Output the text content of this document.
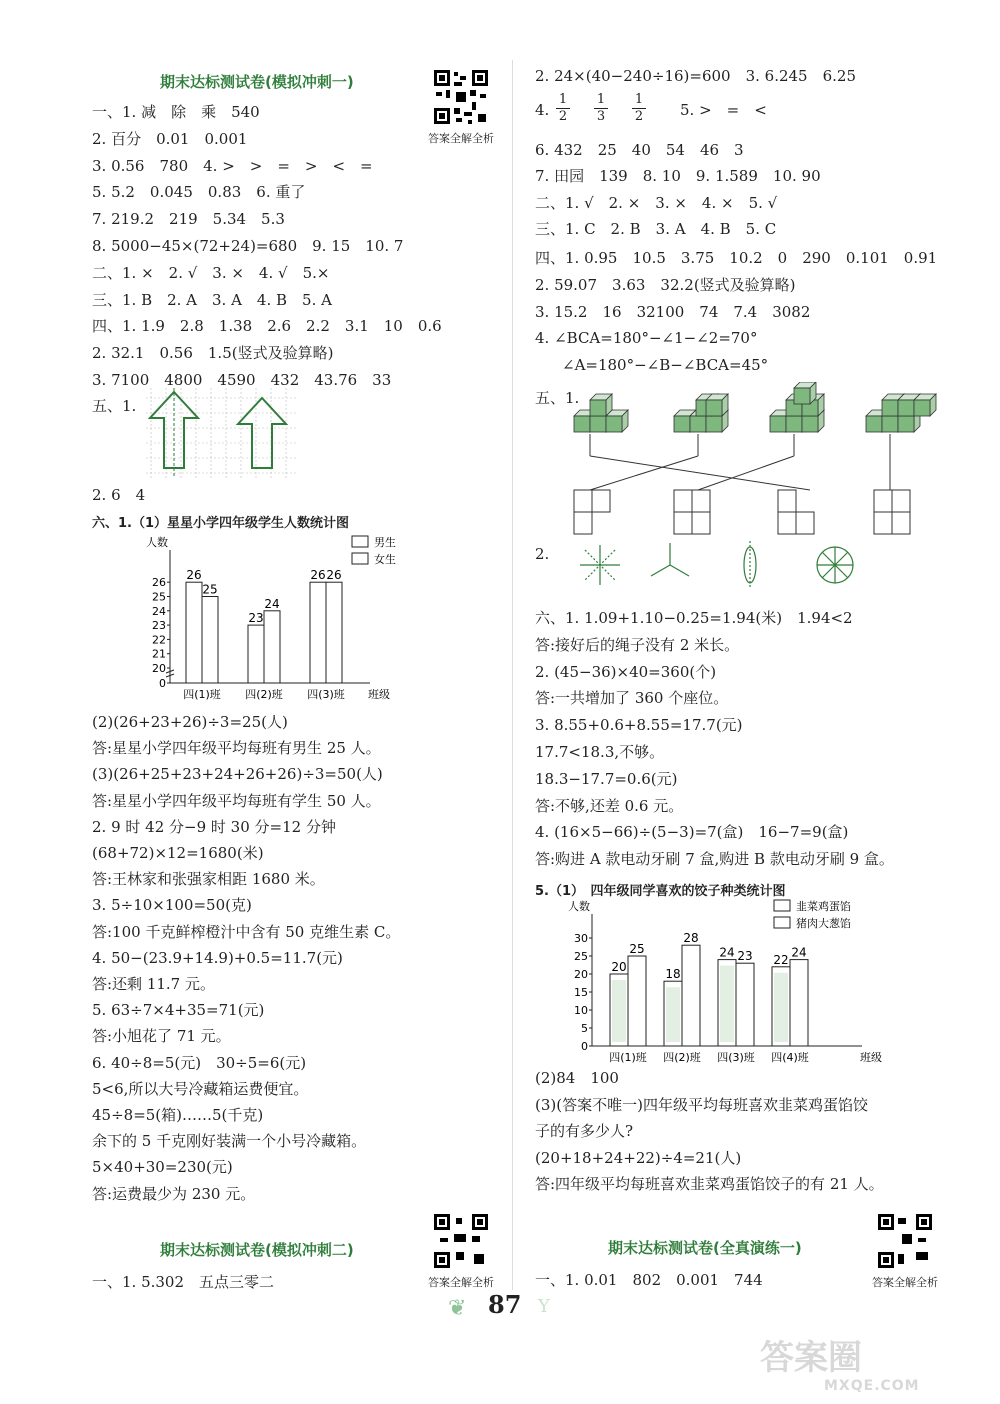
期末达标测试卷(模拟冲刺一)
答案全解全析
一、1. 减　除　乘　540
2. 百分　0.01　0.001
3. 0.56　780　4. >　>　=　>　<　=
5. 5.2　0.045　0.83　6. 重了
7. 219.2　219　5.34　5.3
8. 5000−45×(72+24)=680　9. 15　10. 7
二、1. ×　2. √　3. ×　4. √　5.×
三、1. B　2. A　3. A　4. B　5. A
四、1. 1.9　2.8　1.38　2.6　2.2　3.1　10　0.6
2. 32.1　0.56　1.5(竖式及验算略)
3. 7100　4800　4590　432　43.76　33
五、1.
2. 6　4
六、1.（1）星星小学四年级学生人数统计图
人数
0
20
21
22
23
24
25
26
26
25
四(1)班
23
24
四(2)班
26 26
四(3)班 班级
男生
女生
(2)(26+23+26)÷3=25(人)
答:星星小学四年级平均每班有男生 25 人。
(3)(26+25+23+24+26+26)÷3=50(人)
答:星星小学四年级平均每班有学生 50 人。
2. 9 时 42 分−9 时 30 分=12 分钟
(68+72)×12=1680(米)
答:王林家和张强家相距 1680 米。
3. 5÷10×100=50(克)
答:100 千克鲜榨橙汁中含有 50 克维生素 C。
4. 50−(23.9+14.9)+0.5=11.7(元)
答:还剩 11.7 元。
5. 63÷7×4+35=71(元)
答:小旭花了 71 元。
6. 40÷8=5(元)　30÷5=6(元)
5<6,所以大号冷藏箱运费便宜。
45÷8=5(箱)……5(千克)
余下的 5 千克刚好装满一个小号冷藏箱。
5×40+30=230(元)
答:运费最少为 230 元。
期末达标测试卷(模拟冲刺二)
答案全解全析
一、1. 5.302　五点三零二
2. 24×(40−240÷16)=600　3. 6.245　6.25
4. $\frac{1}{2} \frac{1}{3} \frac{1}{2} 5$. >　=　<
6. 432　25　40　54　46　3
7. 田园　139　8. 10　9. 1.589　10. 90
二、1. √　2. ×　3. ×　4. ×　5. √
三、1. C　2. B　3. A　4. B　5. C
四、1. 0.95　10.5　3.75　10.2　0　290　0.101　0.91
2. 59.07　3.63　32.2(竖式及验算略)
3. 15.2　16　32100　74　7.4　3082
4. ∠BCA=180°−∠1−∠2=70°
∠A=180°−∠B−∠BCA=45°
五、1.
2.
六、1. 1.09+1.10−0.25=1.94(米)　1.94<2
答:接好后的绳子没有 2 米长。
2. (45−36)×40=360(个)
答:一共增加了 360 个座位。
3. 8.55+0.6+8.55=17.7(元)
17.7<18.3,不够。
18.3−17.7=0.6(元)
答:不够,还差 0.6 元。
4. (16×5−66)÷(5−3)=7(盒)　16−7=9(盒)
答:购进 A 款电动牙刷 7 盒,购进 B 款电动牙刷 9 盒。
5.（1）　四年级同学喜欢的饺子种类统计图
人数
0
5
10
15
20
25
30
20
25
四(1)班
18
28
四(2)班
24 23
四(3)班
22
24
四(4)班	班级
韭菜鸡蛋馅
猪肉大葱馅
(2)84　100
(3)(答案不唯一)四年级平均每班喜欢韭菜鸡蛋馅饺
子的有多少人?
(20+18+24+22)÷4=21(人)
答:四年级平均每班喜欢韭菜鸡蛋馅饺子的有 21 人。
期末达标测试卷(全真演练一)
答案全解全析
一、1. 0.01　802　0.001　744
❦ 87 Y
答案圈
MXQE.COM
